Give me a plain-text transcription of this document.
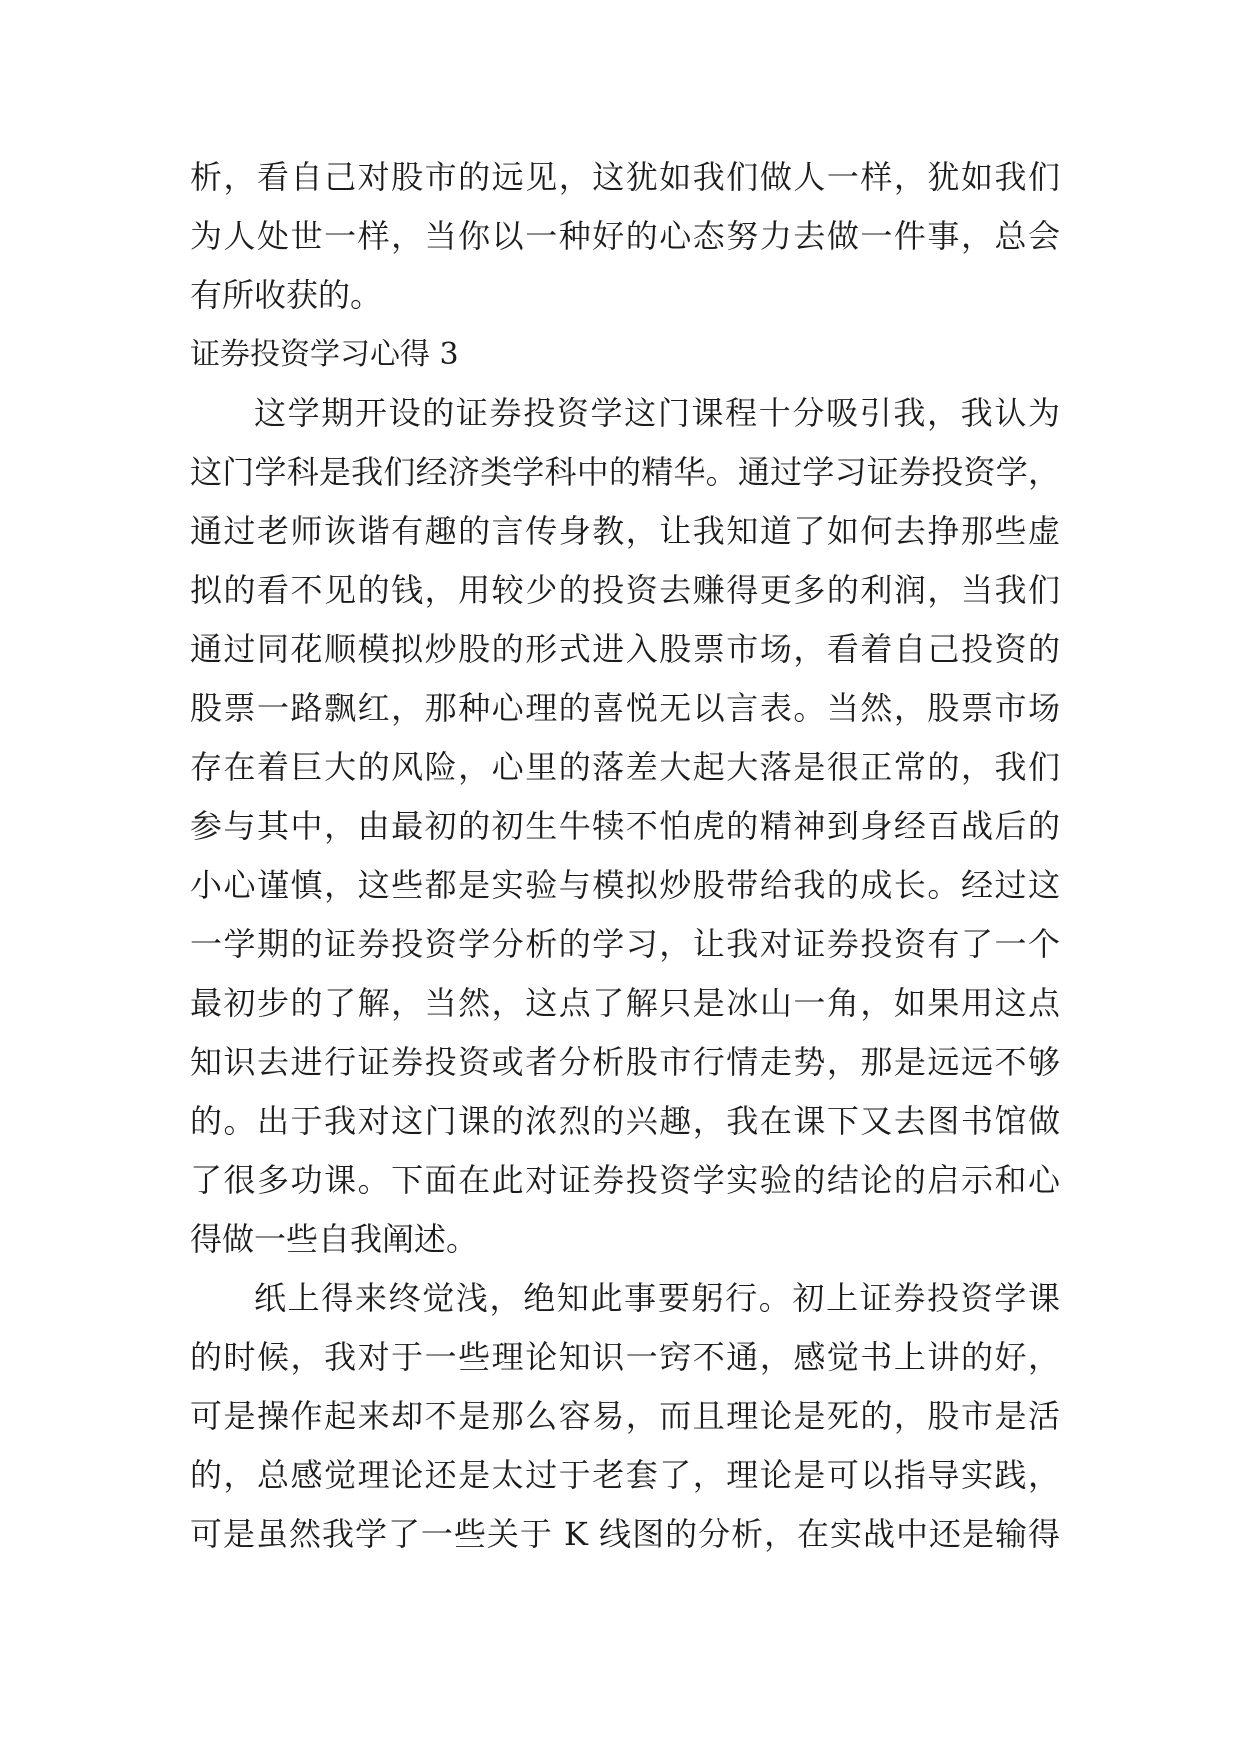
析，看自己对股市的远见，这犹如我们做人一样，犹如我们
为人处世一样，当你以一种好的心态努力去做一件事，总会
有所收获的。
证券投资学习心得 3
这学期开设的证券投资学这门课程十分吸引我，我认为
这门学科是我们经济类学科中的精华。通过学习证券投资学，
通过老师诙谐有趣的言传身教，让我知道了如何去挣那些虚
拟的看不见的钱，用较少的投资去赚得更多的利润，当我们
通过同花顺模拟炒股的形式进入股票市场，看着自己投资的
股票一路飘红，那种心理的喜悦无以言表。当然，股票市场
存在着巨大的风险，心里的落差大起大落是很正常的，我们
参与其中，由最初的初生牛犊不怕虎的精神到身经百战后的
小心谨慎，这些都是实验与模拟炒股带给我的成长。经过这
一学期的证券投资学分析的学习，让我对证券投资有了一个
最初步的了解，当然，这点了解只是冰山一角，如果用这点
知识去进行证券投资或者分析股市行情走势，那是远远不够
的。出于我对这门课的浓烈的兴趣，我在课下又去图书馆做
了很多功课。下面在此对证券投资学实验的结论的启示和心
得做一些自我阐述。
纸上得来终觉浅，绝知此事要躬行。初上证券投资学课
的时候，我对于一些理论知识一窍不通，感觉书上讲的好，
可是操作起来却不是那么容易，而且理论是死的，股市是活
的，总感觉理论还是太过于老套了，理论是可以指导实践，
可是虽然我学了一些关于 K 线图的分析，在实战中还是输得
